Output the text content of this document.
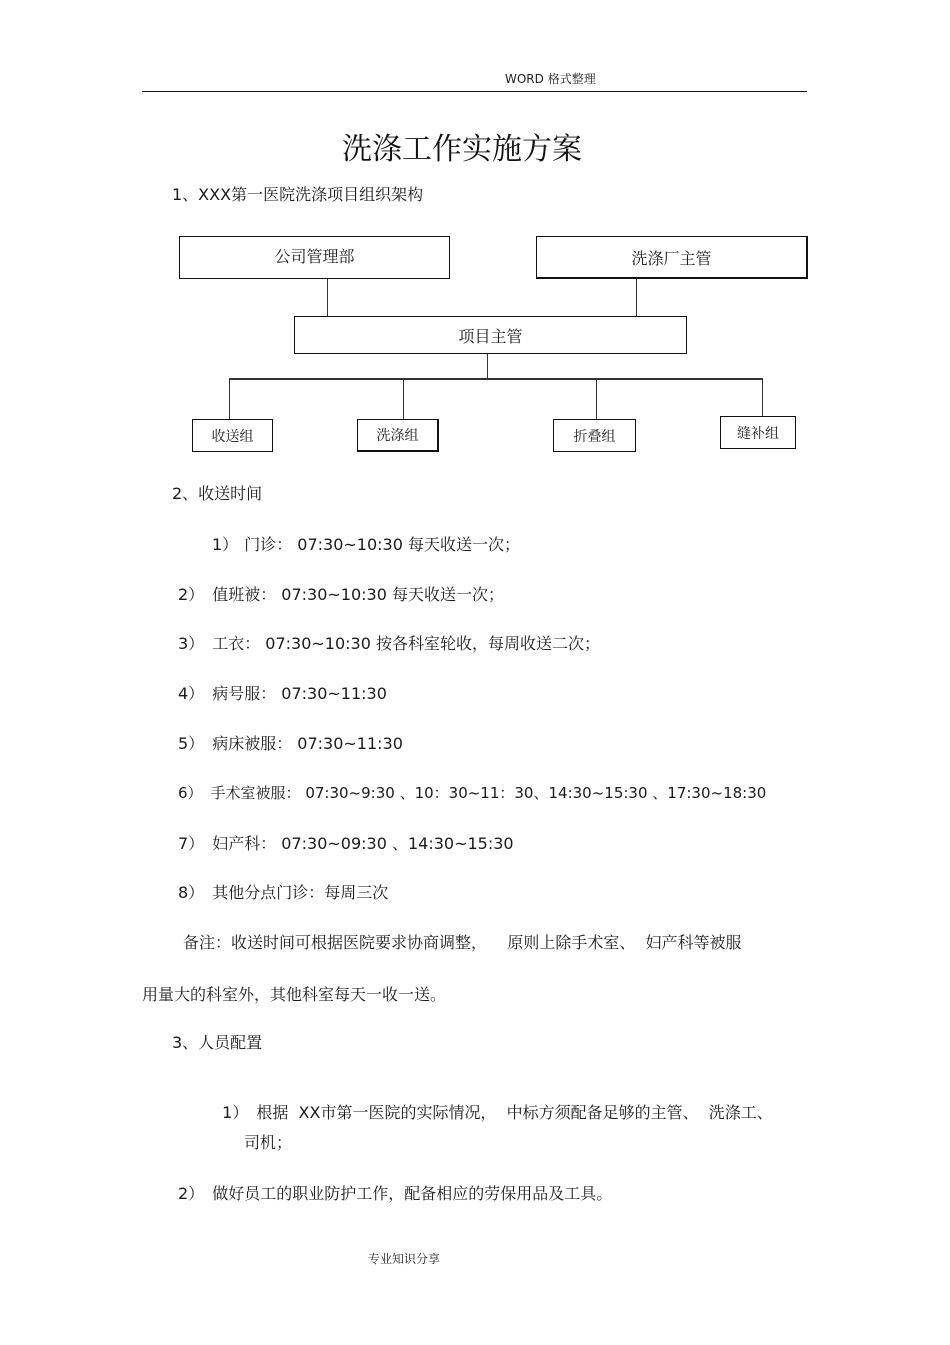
WORD 格式整理
洗涤工作实施方案
1、XXX第一医院洗涤项目组织架构
公司管理部	洗涤厂主管
项目主管
收送组	洗涤组	折叠组	缝补组
2、收送时间
1） 门诊： 07:30~10:30 每天收送一次；
2） 值班被： 07:30~10:30 每天收送一次；
3） 工衣： 07:30~10:30 按各科室轮收，每周收送二次；
4） 病号服： 07:30~11:30
5） 病床被服： 07:30~11:30
6） 手术室被服： 07:30~9:30 、10：30~11：30、14:30~15:30 、17:30~18:30
7） 妇产科： 07:30~09:30 、14:30~15:30
8） 其他分点门诊：每周三次
备注：收送时间可根据医院要求协商调整，    原则上除手术室、  妇产科等被服
用量大的科室外，其他科室每天一收一送。
3、人员配置

1） 根据  XX市第一医院的实际情况，  中标方须配备足够的主管、  洗涤工、

司机；
2） 做好员工的职业防护工作，配备相应的劳保用品及工具。
专业知识分享
